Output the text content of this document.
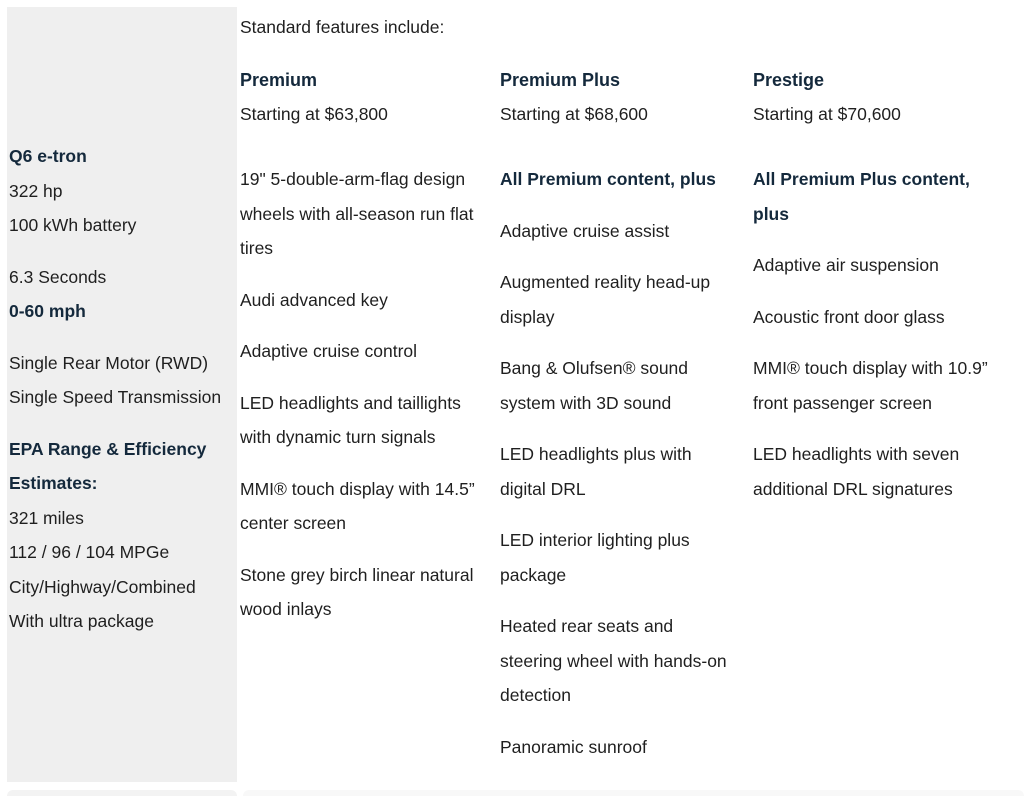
Q6 e-tron

322 hp

100 kWh battery

6.3 Seconds

0-60 mph

Single Rear Motor (RWD)

Single Speed Transmission

EPA Range & Efficiency Estimates:

321 miles

112 / 96 / 104 MPGe

City/Highway/Combined

With ultra package

Standard features include:
Premium

Starting at $63,800

19" 5-double-arm-flag design wheels with all-season run flat tires

Audi advanced key

Adaptive cruise control

LED headlights and taillights with dynamic turn signals

MMI® touch display with 14.5” center screen

Stone grey birch linear natural wood inlays

Premium Plus

Starting at $68,600

All Premium content, plus

Adaptive cruise assist

Augmented reality head-up display

Bang & Olufsen® sound system with 3D sound

LED headlights plus with digital DRL

LED interior lighting plus package

Heated rear seats and steering wheel with hands-on detection

Panoramic sunroof

Prestige

Starting at $70,600

All Premium Plus content, plus

Adaptive air suspension

Acoustic front door glass

MMI® touch display with 10.9” front passenger screen

LED headlights with seven additional DRL signatures
